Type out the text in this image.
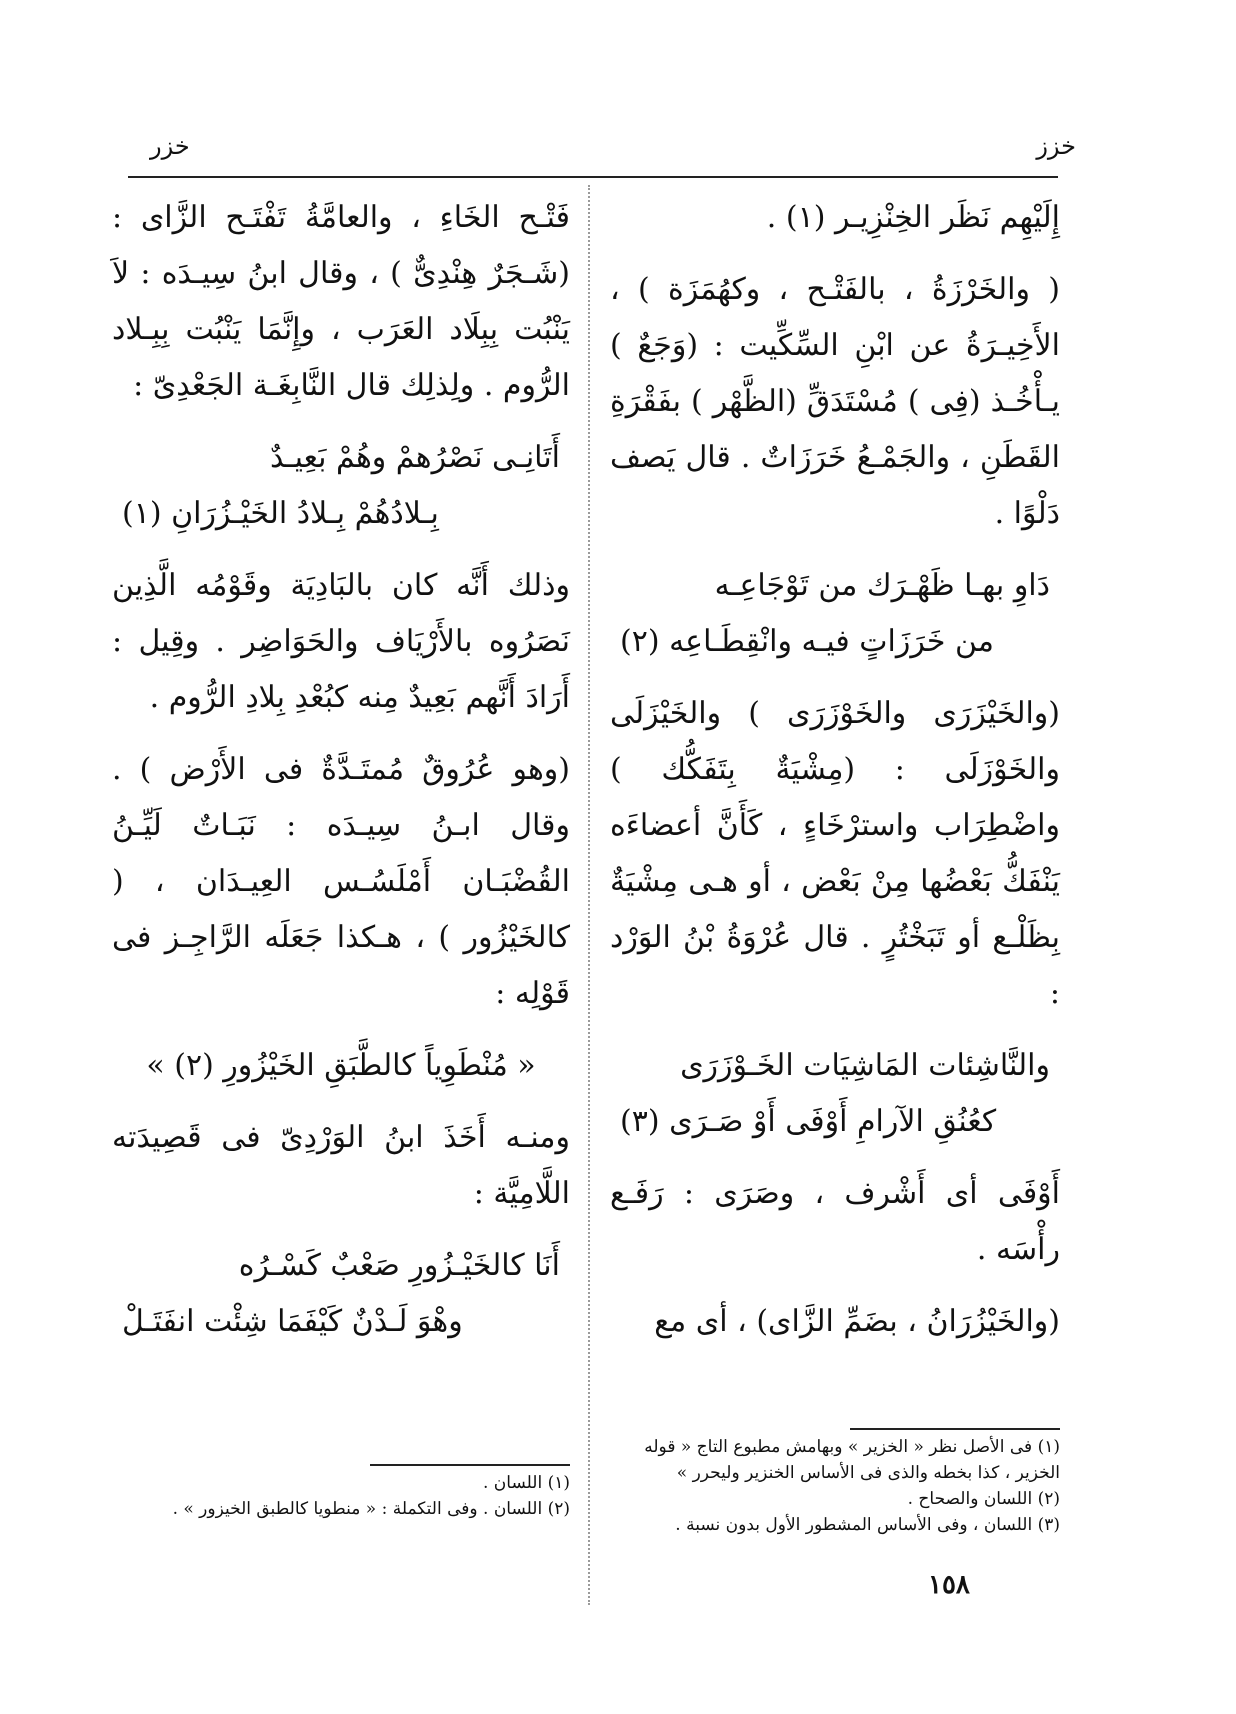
خزز
خزر

إِلَيْهِم نَظَر الخِنْزِيـر (١) .

( والخَرْزَةُ ، بالفَتْـح ، وكهُمَزَة ) ، الأَخِيـرَةُ عن ابْنِ السِّكِّيت : (وَجَعٌ ) يـأْخُـذ (فِى ) مُسْتَدَقِّ (الظَّهْر ) بفَقْرَةِ القَطَنِ ، والجَمْـعُ خَرَزَاتٌ . قال يَصف دَلْوًا .

دَاوِ بهـا ظَهْـرَك من تَوْجَاعِـه
من خَرَزَاتٍ فيـه وانْقِطَـاعِه (٢)

(والخَيْزَرَى والخَوْزَرَى ) والخَيْزَلَى والخَوْزَلَى : (مِشْيَةٌ بِتَفَكُّك ) واضْطِرَاب واسترْخَاءٍ ، كَأَنَّ أعضاءَه يَنْفَكُّ بَعْضُها مِنْ بَعْض ، أو هـى مِشْيَةٌ بِظَلْـع أو تَبَخْتُرٍ . قال عُرْوَةُ بْنُ الوَرْد :

والنَّاشِئات المَاشِيَات الخَـوْزَرَى
كعُنُقِ الآرامِ أَوْفَى أَوْ صَـرَى (٣)

أَوْفَى أى أَشْرف ، وصَرَى : رَفَـع رأْسَه .

(والخَيْزُرَانُ ، بضَمِّ الزَّاى) ، أى مع

(١) فى الأصل نظر « الخزير » وبهامش مطبوع التاج « قوله الخزير ، كذا بخطه والذى فى الأساس الخنزير وليحرر »
(٢) اللسان والصحاح .
(٣) اللسان ، وفى الأساس المشطور الأول بدون نسبة .

فَتْـح الخَاءِ ، والعامَّةُ تَفْتَـح الزَّاى : (شَـجَرٌ هِنْدِىٌّ ) ، وقال ابنُ سِيـدَه : لاَ يَنْبُت بِبِلَاد العَرَب ، وإِنَّمَا يَنْبُت بِبِـلاد الرُّوم . ولِذلِك قال النَّابِغَـة الجَعْدِىّ :

أَتَانِـى نَصْرُهمْ وهُمْ بَعِيـدٌ
بِـلادُهُمْ بِـلادُ الخَيْـزُرَانِ (١)

وذلك أَنَّه كان بالبَادِيَة وقَوْمُه الَّذِين نَصَرُوه بالأَرْيَاف والحَوَاضِر . وقِيل : أَرَادَ أَنَّهم بَعِيدٌ مِنه كبُعْدِ بِلادِ الرُّوم .

(وهو عُرُوقٌ مُمتَـدَّةٌ فى الأَرْض ) . وقال ابـنُ سِيـدَه : نَبَـاتٌ لَيِّـنُ القُضْبَـان أَمْلَسُـس العِيـدَان ، ( كالخَيْزُور ) ، هـكذا جَعَلَه الرَّاجِـز فى قَوْلِه :

« مُنْطَوِياً كالطَّبَقِ الخَيْزُورِ (٢) »

ومنـه أَخَذَ ابنُ الوَرْدِىّ فى قَصِيدَته اللَّامِيَّة :

أَنَا كالخَيْـزُورِ صَعْبٌ كَسْـرُه
وهْوَ لَـدْنٌ كَيْفَمَا شِئْت انفَتَـلْ
(١) اللسان .
(٢) اللسان . وفى التكملة : « منطويا كالطبق الخيزور » .
١٥٨
